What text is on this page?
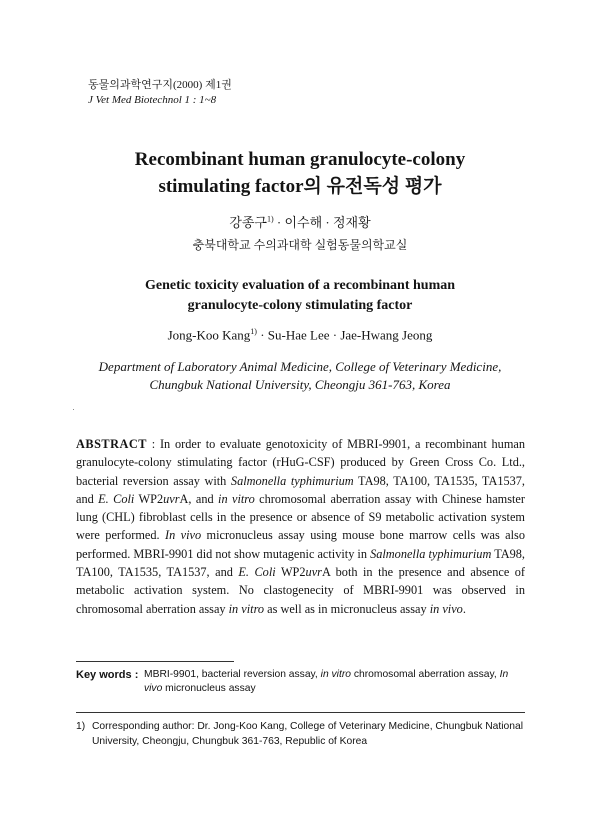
동물의과학연구지(2000) 제1권
J Vet Med Biotechnol 1 : 1~8
Recombinant human granulocyte-colony
stimulating factor의 유전독성 평가
강종구$^{1)}$ · 이수해 · 정재황
충북대학교 수의과대학 실험동물의학교실
Genetic toxicity evaluation of a recombinant human
granulocyte-colony stimulating factor
Jong-Koo Kang$^{1)}$ · Su-Hae Lee · Jae-Hwang Jeong
Department of Laboratory Animal Medicine, College of Veterinary Medicine,
Chungbuk National University, Cheongju 361-763, Korea
ABSTRACT : In order to evaluate genotoxicity of MBRI-9901, a recombinant human granulocyte-colony stimulating factor (rHuG-CSF) produced by Green Cross Co. Ltd., bacterial reversion assay with Salmonella typhimurium TA98, TA100, TA1535, TA1537, and E. Coli WP2uvrA, and in vitro chromosomal aberration assay with Chinese hamster lung (CHL) fibroblast cells in the presence or absence of S9 metabolic activation system were performed. In vivo micronucleus assay using mouse bone marrow cells was also performed. MBRI-9901 did not show mutagenic activity in Salmonella typhimurium TA98, TA100, TA1535, TA1537, and E. Coli WP2uvrA both in the presence and absence of metabolic activation system. No clastogenecity of MBRI-9901 was observed in chromosomal aberration assay in vitro as well as in micronucleus assay in vivo.
Key words : MBRI-9901, bacterial reversion assay, in vitro chromosomal aberration assay, In vivo micronucleus assay
1) Corresponding author: Dr. Jong-Koo Kang, College of Veterinary Medicine, Chungbuk National University, Cheongju, Chungbuk 361-763, Republic of Korea
